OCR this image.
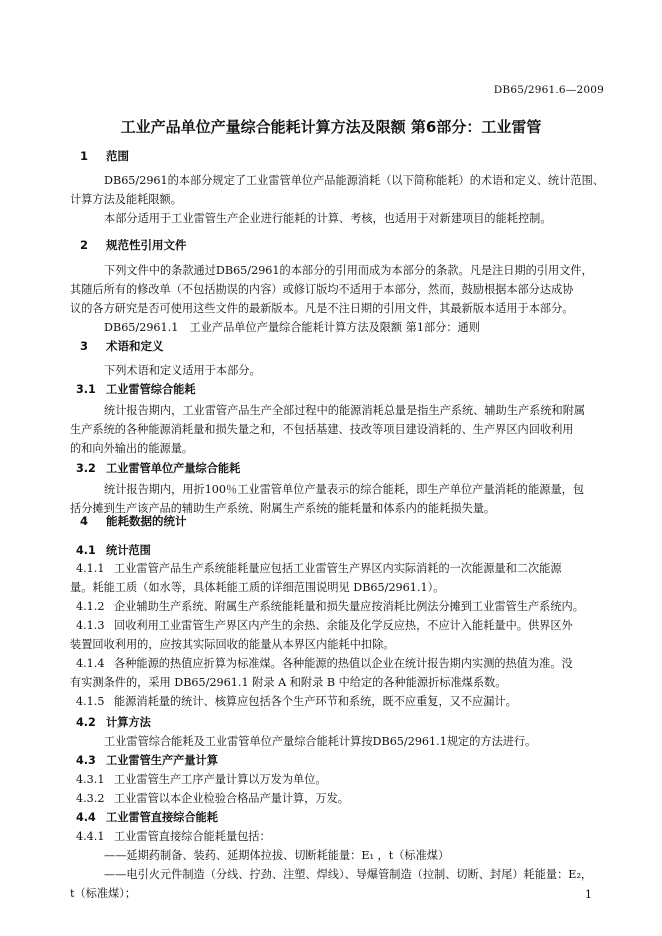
DB65/2961.6—2009
工业产品单位产量综合能耗计算方法及限额 第6部分：工业雷管
1 范围
DB65/2961的本部分规定了工业雷管单位产品能源消耗（以下简称能耗）的术语和定义、统计范围、
计算方法及能耗限额。
本部分适用于工业雷管生产企业进行能耗的计算、考核，也适用于对新建项目的能耗控制。
2 规范性引用文件
下列文件中的条款通过DB65/2961的本部分的引用而成为本部分的条款。凡是注日期的引用文件，
其随后所有的修改单（不包括勘误的内容）或修订版均不适用于本部分，然而，鼓励根据本部分达成协
议的各方研究是否可使用这些文件的最新版本。凡是不注日期的引用文件，其最新版本适用于本部分。
DB65/2961.1　工业产品单位产量综合能耗计算方法及限额 第1部分：通则
3 术语和定义
下列术语和定义适用于本部分。
3.1 工业雷管综合能耗
统计报告期内，工业雷管产品生产全部过程中的能源消耗总量是指生产系统、辅助生产系统和附属
生产系统的各种能源消耗量和损失量之和，不包括基建、技改等项目建设消耗的、生产界区内回收利用
的和向外输出的能源量。
3.2 工业雷管单位产量综合能耗
统计报告期内，用折100％工业雷管单位产量表示的综合能耗，即生产单位产量消耗的能源量，包
括分摊到生产该产品的辅助生产系统、附属生产系统的能耗量和体系内的能耗损失量。
4 能耗数据的统计
4.1 统计范围
4.1.1 工业雷管产品生产系统能耗量应包括工业雷管生产界区内实际消耗的一次能源量和二次能源
量。耗能工质（如水等，具体耗能工质的详细范围说明见 DB65/2961.1）。
4.1.2 企业辅助生产系统、附属生产系统能耗量和损失量应按消耗比例法分摊到工业雷管生产系统内。
4.1.3 回收利用工业雷管生产界区内产生的余热、余能及化学反应热，不应计入能耗量中。供界区外
装置回收利用的，应按其实际回收的能量从本界区内能耗中扣除。
4.1.4 各种能源的热值应折算为标准煤。各种能源的热值以企业在统计报告期内实测的热值为准。没
有实测条件的，采用 DB65/2961.1 附录 A 和附录 B 中给定的各种能源折标准煤系数。
4.1.5 能源消耗量的统计、核算应包括各个生产环节和系统，既不应重复，又不应漏计。
4.2 计算方法
工业雷管综合能耗及工业雷管单位产量综合能耗计算按DB65/2961.1规定的方法进行。
4.3 工业雷管生产产量计算
4.3.1 工业雷管生产工序产量计算以万发为单位。
4.3.2 工业雷管以本企业检验合格品产量计算，万发。
4.4 工业雷管直接综合能耗
4.4.1 工业雷管直接综合能耗量包括：
——延期药制备、装药、延期体拉拔、切断耗能量：E₁ ，t（标准煤）
——电引火元件制造（分线、拧劲、注塑、焊线）、导爆管制造（拉制、切断、封尾）耗能量：E₂，
t（标准煤）；	1
